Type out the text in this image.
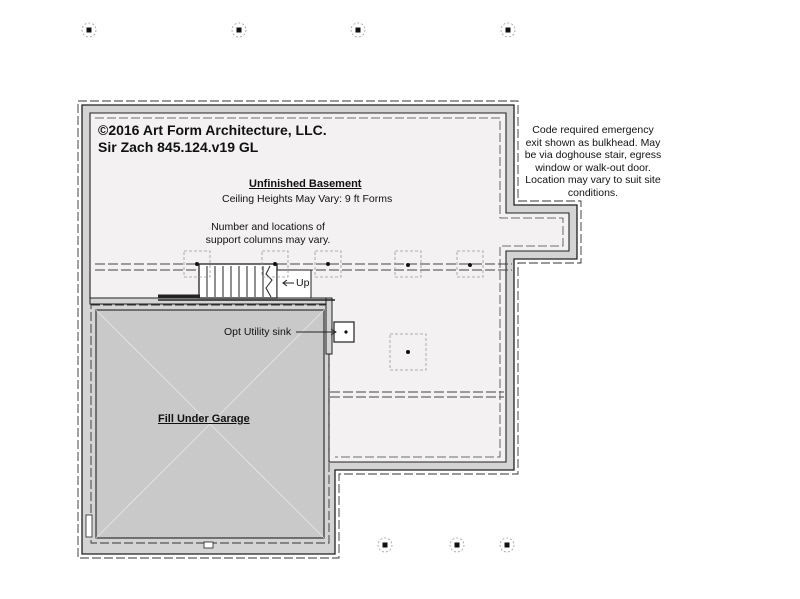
©2016 Art Form Architecture, LLC.
Sir Zach 845.124.v19 GL
Unfinished Basement
Ceiling Heights May Vary: 9 ft Forms
Number and locations of
support columns may vary.
Code required emergency
exit shown as bulkhead. May
be via doghouse stair, egress
window or walk-out door.
Location may vary to suit site
conditions.
Up
Opt Utility sink
Fill Under Garage
